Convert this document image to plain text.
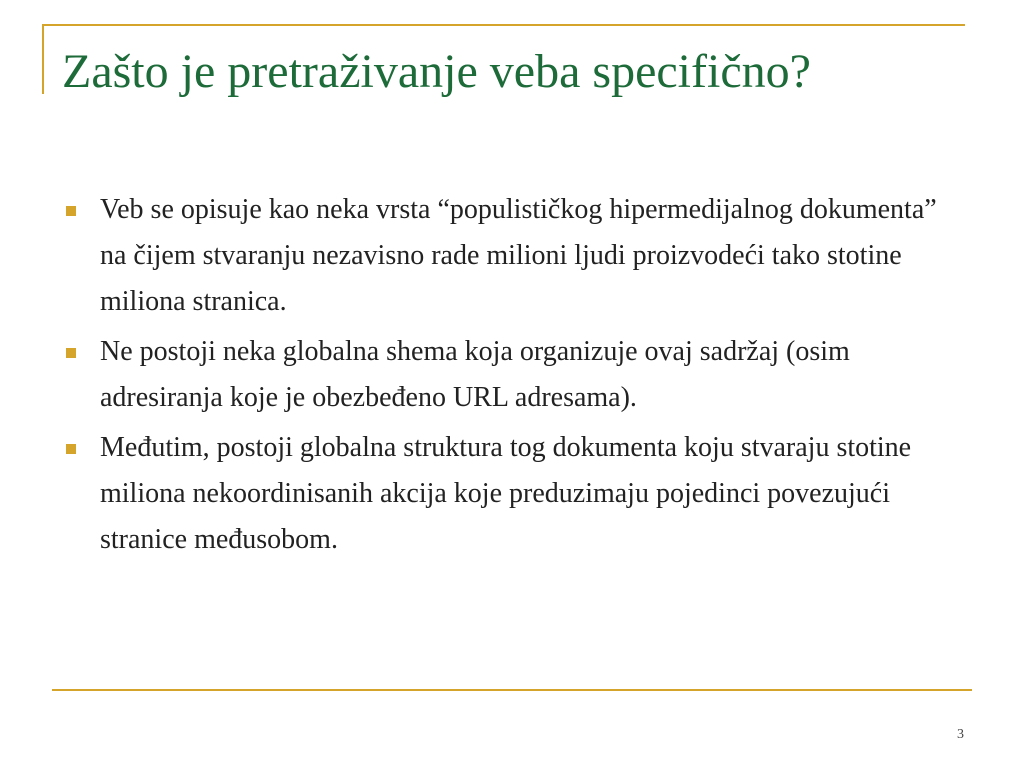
Zašto je pretraživanje veba specifično?
Veb se opisuje kao neka vrsta “populističkog hipermedijalnog dokumenta” na čijem stvaranju nezavisno rade milioni ljudi proizvodeći tako stotine miliona stranica.
Ne postoji neka globalna shema koja organizuje ovaj sadržaj (osim adresiranja koje je obezbeđeno URL adresama).
Međutim, postoji globalna struktura tog dokumenta koju stvaraju stotine miliona nekoordinisanih akcija koje preduzimaju pojedinci povezujući stranice međusobom.
3
